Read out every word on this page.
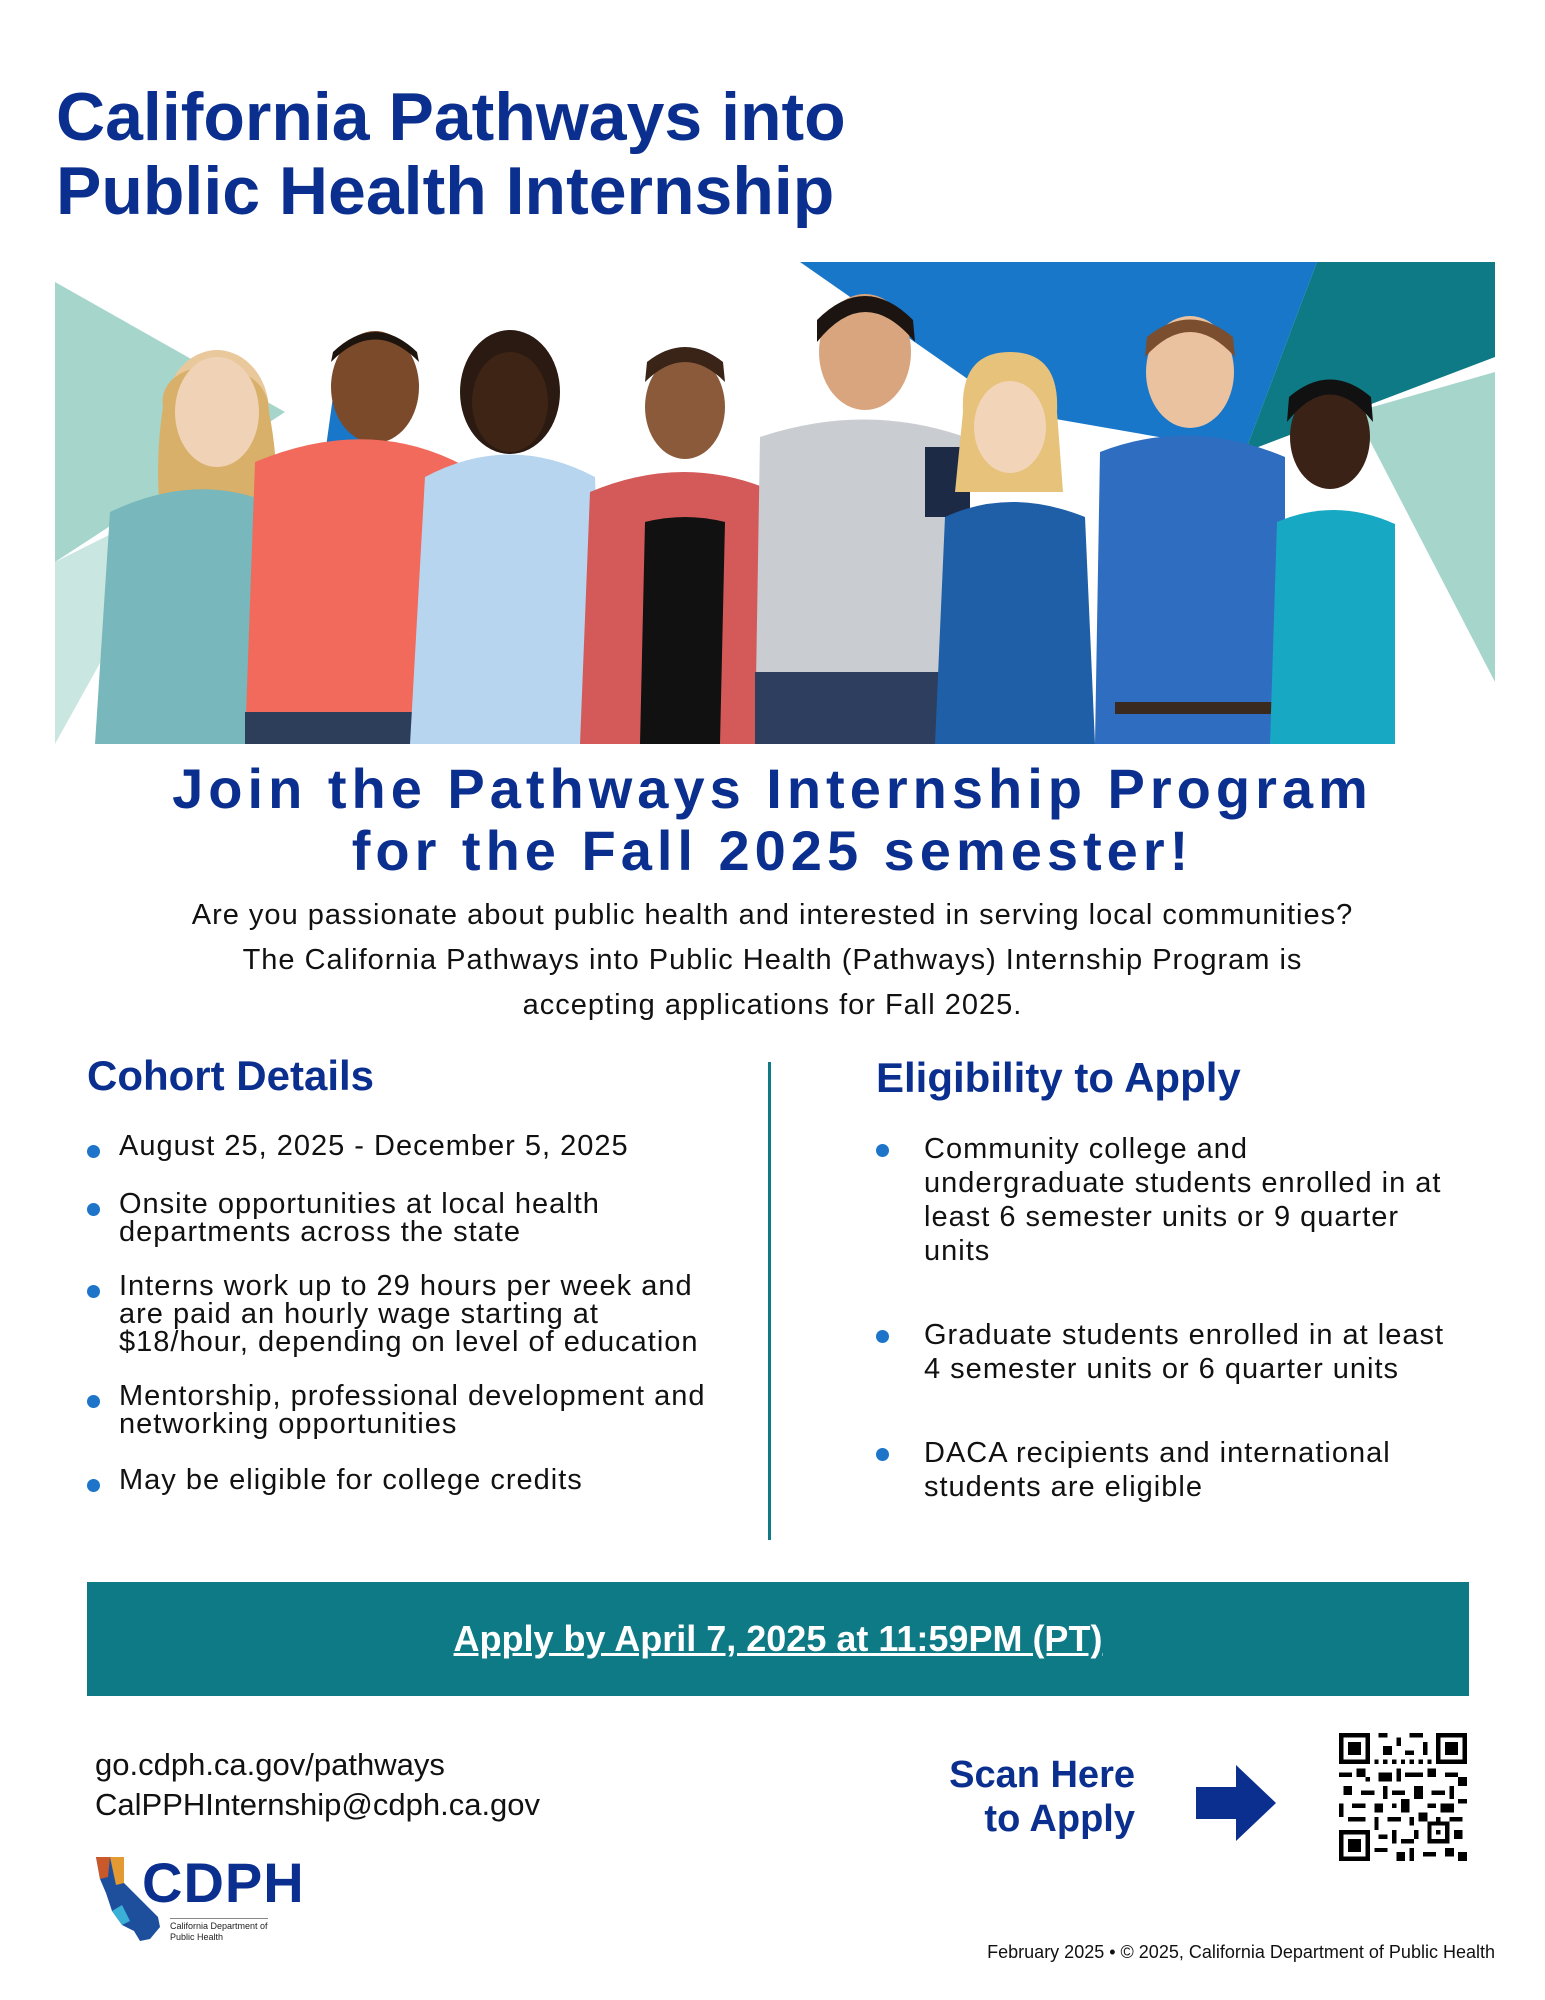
California Pathways into
Public Health Internship
Join the Pathways Internship Program
for the Fall 2025 semester!
Are you passionate about public health and interested in serving local communities?
The California Pathways into Public Health (Pathways) Internship Program is
accepting applications for Fall 2025.
Cohort Details	Eligibility to Apply
August 25, 2025 - December 5, 2025
Onsite opportunities at local health departments across the state
Interns work up to 29 hours per week and are paid an hourly wage starting at $18/hour, depending on level of education
Mentorship, professional development and networking opportunities
May be eligible for college credits
Community college and undergraduate students enrolled in at least 6 semester units or 9 quarter units
Graduate students enrolled in at least 4 semester units or 6 quarter units
DACA recipients and international students are eligible
Apply by April 7, 2025 at 11:59PM (PT)
go.cdph.ca.gov/pathways
CalPPHInternship@cdph.ca.gov
Scan Here
to Apply
CDPH
California Department of
Public Health
February 2025 • © 2025, California Department of Public Health
